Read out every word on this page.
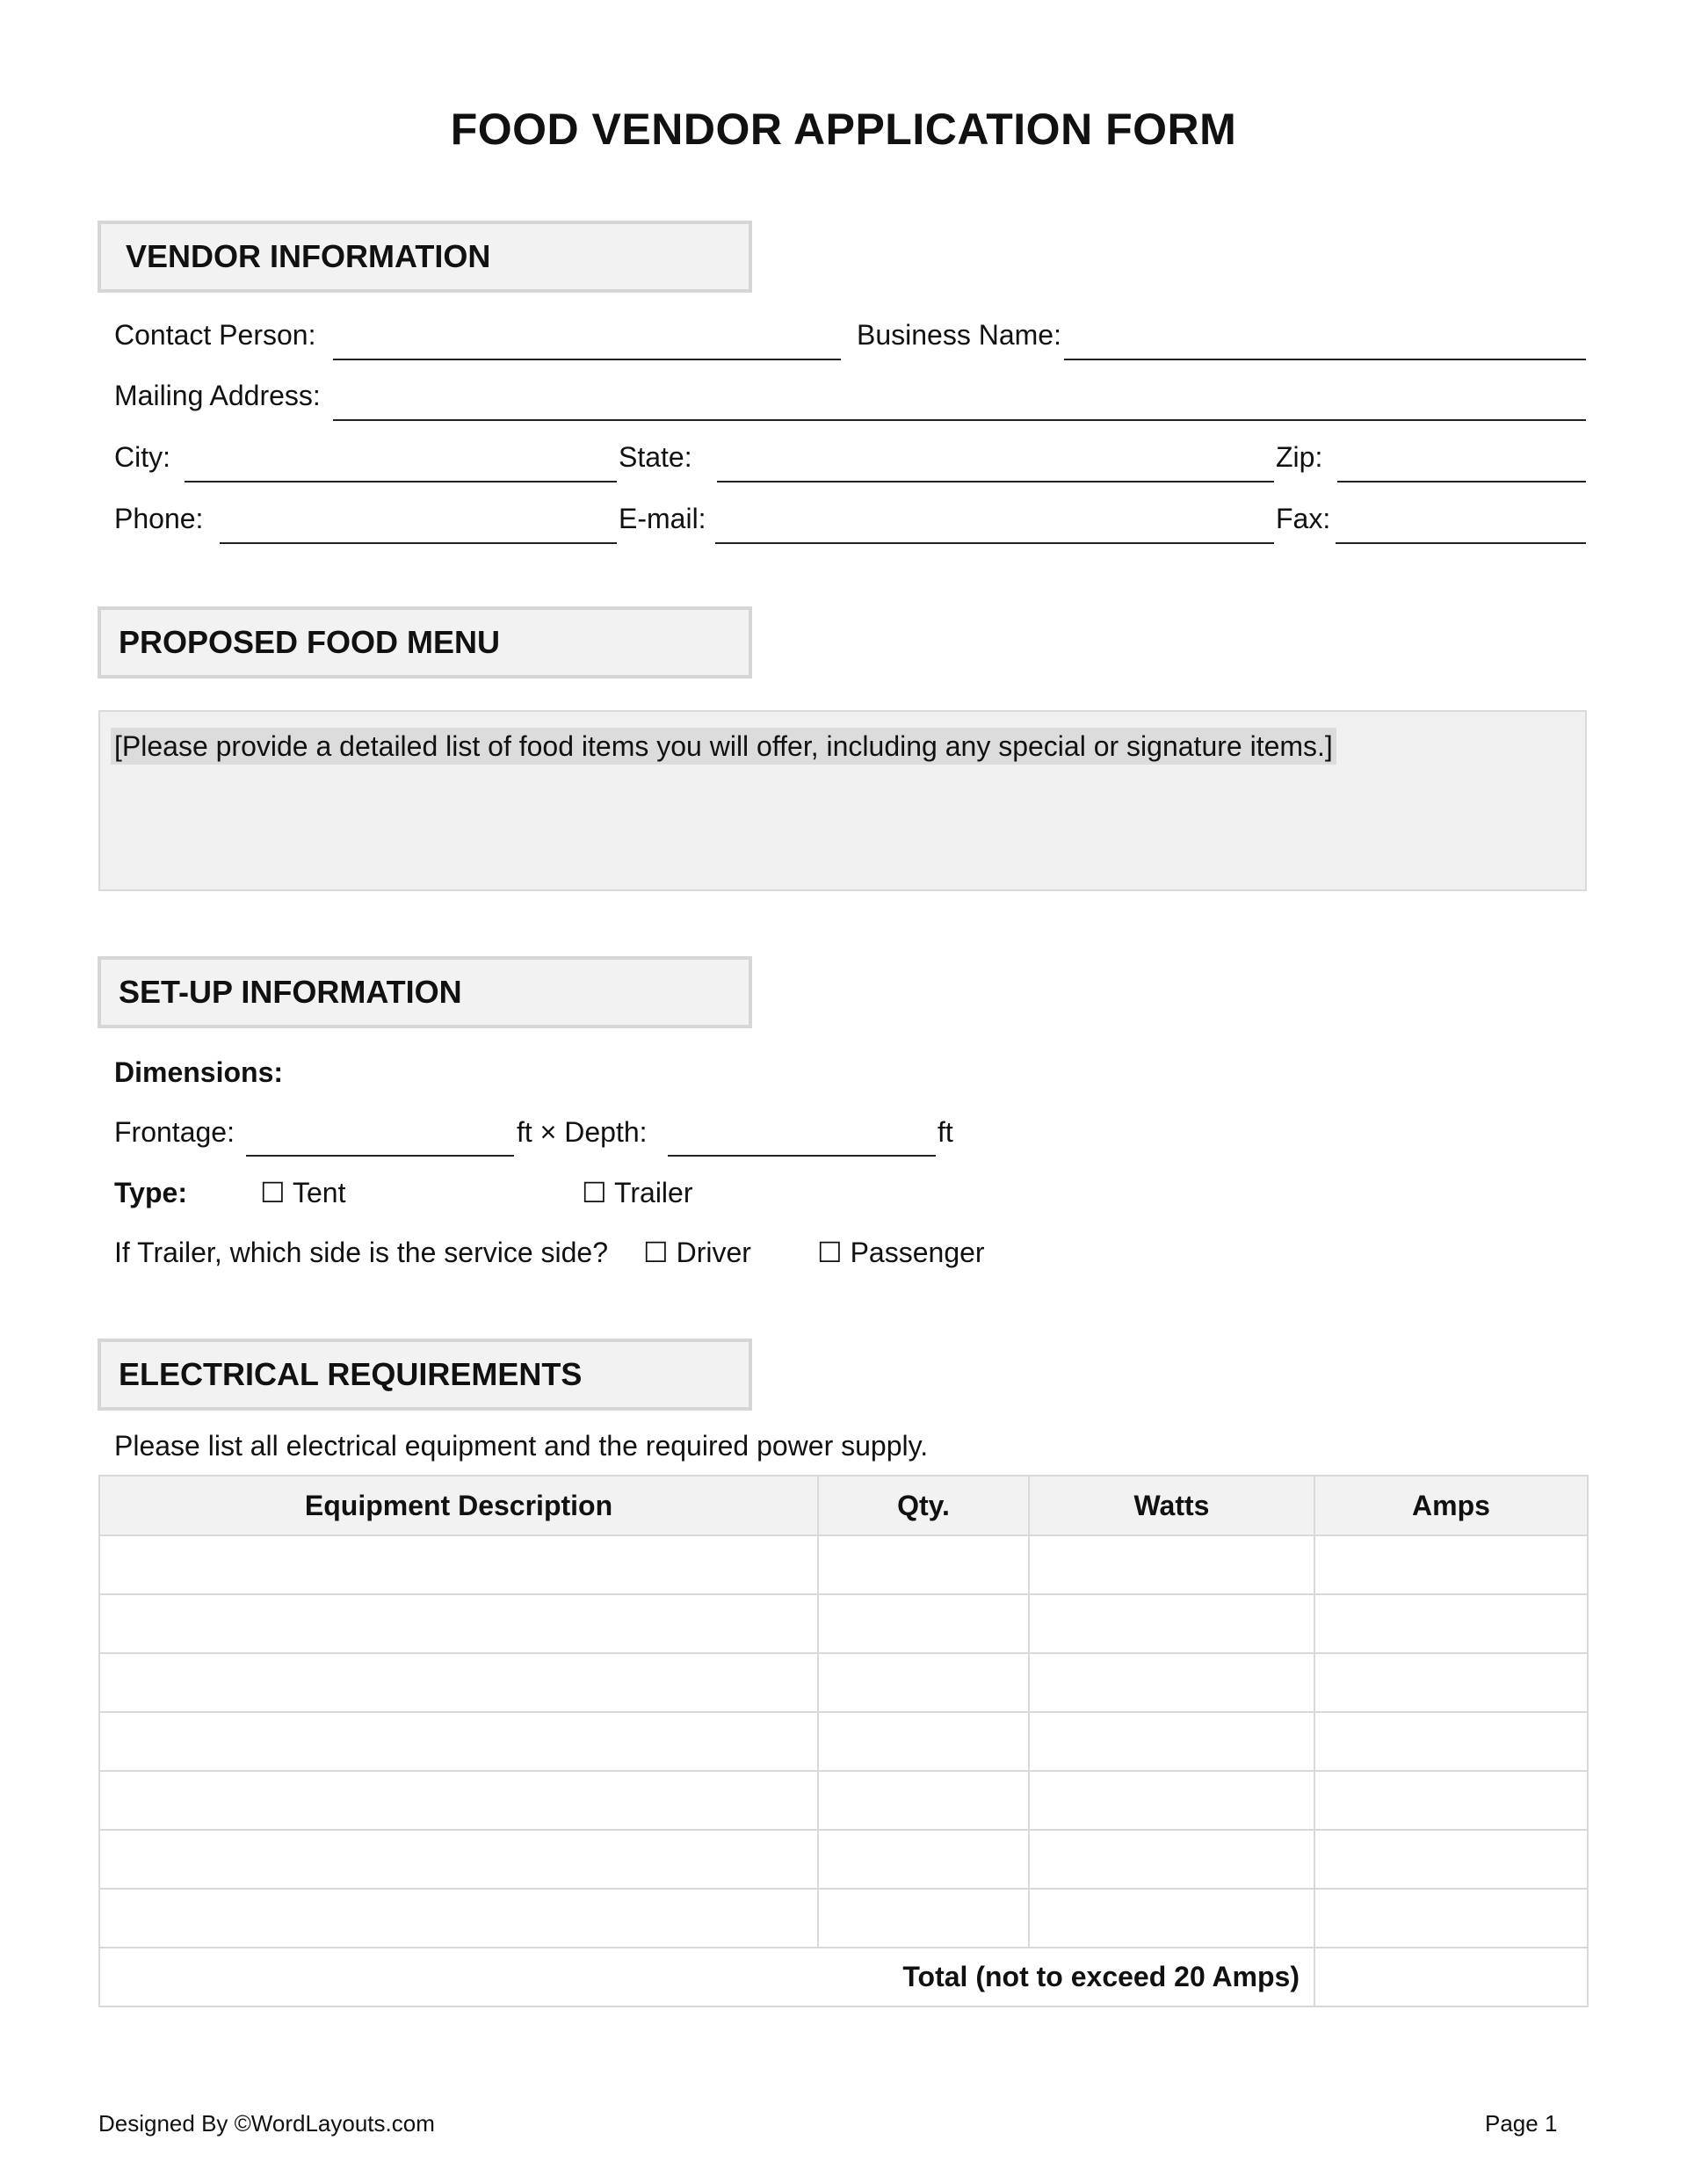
FOOD VENDOR APPLICATION FORM
VENDOR INFORMATION
Contact Person:	Business Name:
Mailing Address:
City:	State:	Zip:
Phone:	E-mail:	Fax:
PROPOSED FOOD MENU
[Please provide a detailed list of food items you will offer, including any special or signature items.]
SET-UP INFORMATION
Dimensions:
Frontage:	ft × Depth:	ft
Type:	☐ Tent	☐ Trailer
If Trailer, which side is the service side? ☐ Driver ☐ Passenger
ELECTRICAL REQUIREMENTS
Please list all electrical equipment and the required power supply.
Equipment Description	Qty.	Watts	Amps

Total (not to exceed 20 Amps)			
Designed By ©WordLayouts.com	Page 1
